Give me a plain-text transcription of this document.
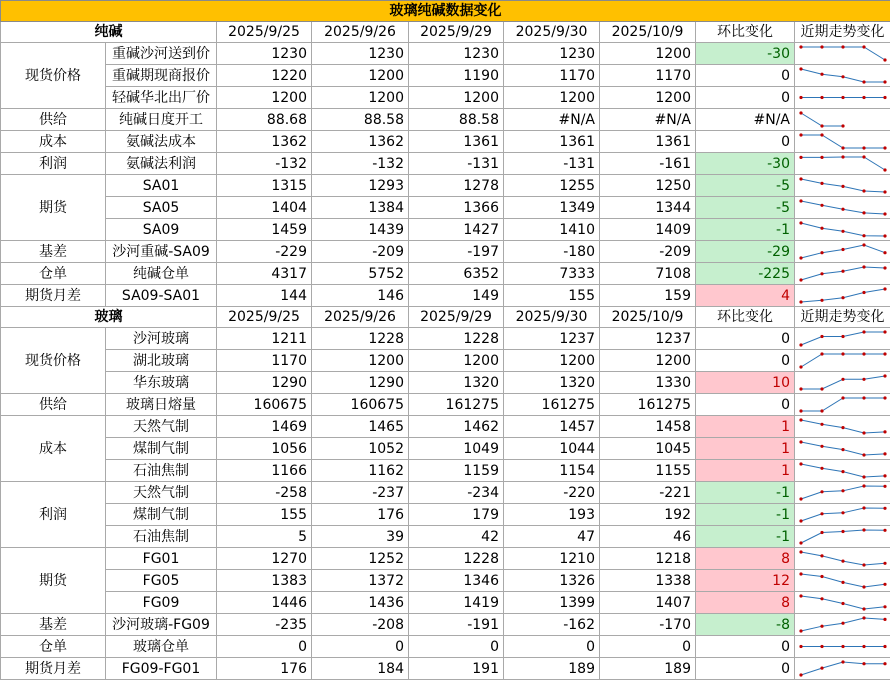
玻璃纯碱数据变化								
纯碱		2025/9/25	2025/9/26	2025/9/29	2025/9/30	2025/10/9	环比变化	近期走势变化
现货价格	重碱沙河送到价	1230	1230	1230	1230	1200	-30	

	重碱期现商报价	1220	1200	1190	1170	1170	0	

	轻碱华北出厂价	1200	1200	1200	1200	1200	0	

供给	纯碱日度开工	88.68	88.58	88.58	#N/A	#N/A	#N/A	

成本	氨碱法成本	1362	1362	1361	1361	1361	0	

利润	氨碱法利润	-132	-132	-131	-131	-161	-30	

期货	SA01	1315	1293	1278	1255	1250	-5	

	SA05	1404	1384	1366	1349	1344	-5	

	SA09	1459	1439	1427	1410	1409	-1	

基差	沙河重碱-SA09	-229	-209	-197	-180	-209	-29	

仓单	纯碱仓单	4317	5752	6352	7333	7108	-225	

期货月差	SA09-SA01	144	146	149	155	159	4	

玻璃		2025/9/25	2025/9/26	2025/9/29	2025/9/30	2025/10/9	环比变化	近期走势变化
现货价格	沙河玻璃	1211	1228	1228	1237	1237	0	

	湖北玻璃	1170	1200	1200	1200	1200	0	

	华东玻璃	1290	1290	1320	1320	1330	10	

供给	玻璃日熔量	160675	160675	161275	161275	161275	0	

成本	天然气制	1469	1465	1462	1457	1458	1	

	煤制气制	1056	1052	1049	1044	1045	1	

	石油焦制	1166	1162	1159	1154	1155	1	

利润	天然气制	-258	-237	-234	-220	-221	-1	

	煤制气制	155	176	179	193	192	-1	

	石油焦制	5	39	42	47	46	-1	

期货	FG01	1270	1252	1228	1210	1218	8	

	FG05	1383	1372	1346	1326	1338	12	

	FG09	1446	1436	1419	1399	1407	8	

基差	沙河玻璃-FG09	-235	-208	-191	-162	-170	-8	

仓单	玻璃仓单	0	0	0	0	0	0	

期货月差	FG09-FG01	176	184	191	189	189	0	
